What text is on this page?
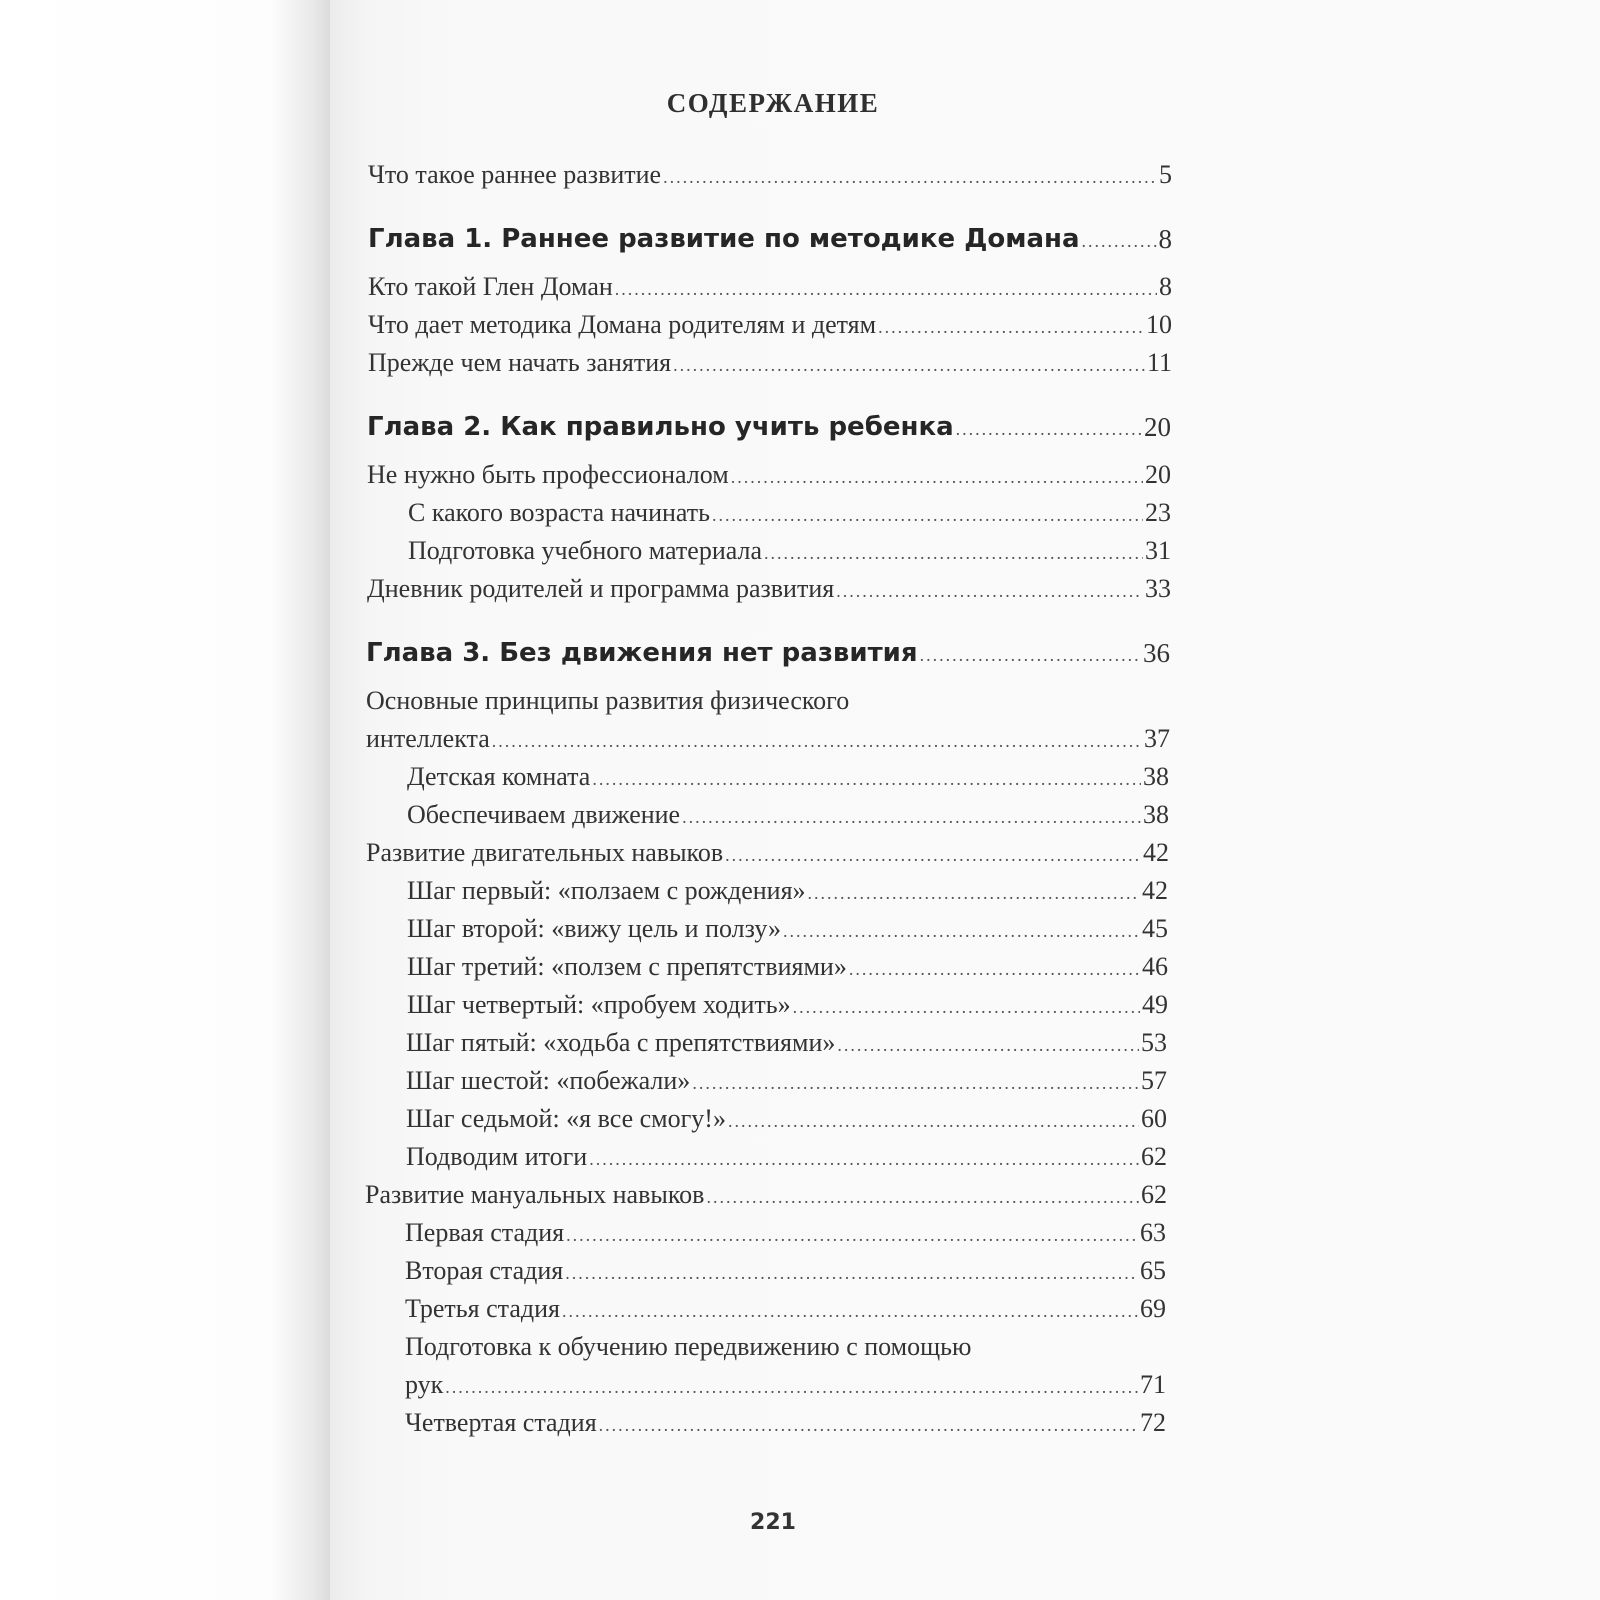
СОДЕРЖАНИЕ
Что такое раннее развитие .....	5
Глава 1. Раннее развитие по методике Домана .....	8
Кто такой Глен Доман .....	8
Что дает методика Домана родителям и детям .....	10
Прежде чем начать занятия .....	11
Глава 2. Как правильно учить ребенка .....	20
Не нужно быть профессионалом .....	20
С какого возраста начинать .....	23
Подготовка учебного материала .....	31
Дневник родителей и программа развития .....	33
Глава 3. Без движения нет развития .....	36
Основные принципы развития физического
интеллекта .....	37
Детская комната .....	38
Обеспечиваем движение .....	38
Развитие двигательных навыков .....	42
Шаг первый: «ползаем с рождения» .....	42
Шаг второй: «вижу цель и ползу» .....	45
Шаг третий: «ползем с препятствиями» .....	46
Шаг четвертый: «пробуем ходить» .....	49
Шаг пятый: «ходьба с препятствиями» .....	53
Шаг шестой: «побежали» .....	57
Шаг седьмой: «я все смогу!» .....	60
Подводим итоги .....	62
Развитие мануальных навыков .....	62
Первая стадия .....	63
Вторая стадия .....	65
Третья стадия .....	69
Подготовка к обучению передвижению с помощью
рук .....	71
Четвертая стадия .....	72
221
